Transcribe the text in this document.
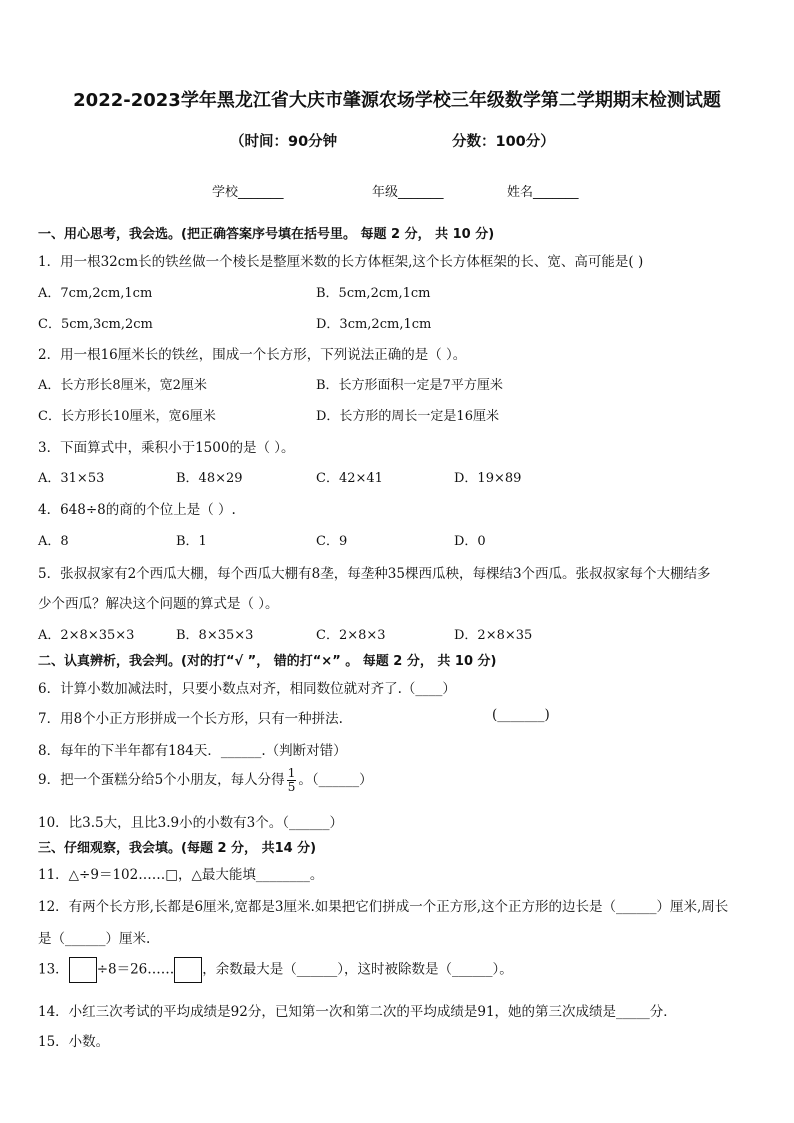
2022-2023学年黑龙江省大庆市肇源农场学校三年级数学第二学期期末检测试题
（时间：90分钟	分数：100分）
学校_______	年级_______	姓名_______
一、用心思考，我会选。(把正确答案序号填在括号里。 每题 2 分， 共 10 分)
1．用一根32cm长的铁丝做一个棱长是整厘米数的长方体框架,这个长方体框架的长、宽、高可能是( )
A．7cm,2cm,1cm	B．5cm,2cm,1cm
C．5cm,3cm,2cm	D．3cm,2cm,1cm
2．用一根16厘米长的铁丝，围成一个长方形，下列说法正确的是（ ）。
A．长方形长8厘米，宽2厘米	B．长方形面积一定是7平方厘米
C．长方形长10厘米，宽6厘米	D．长方形的周长一定是16厘米
3．下面算式中，乘积小于1500的是（ ）。
A．31×53	B．48×29	C．42×41	D．19×89
4．648÷8的商的个位上是（ ）.
A．8	B．1	C．9	D．0
5．张叔叔家有2个西瓜大棚，每个西瓜大棚有8垄，每垄种35棵西瓜秧，每棵结3个西瓜。张叔叔家每个大棚结多
少个西瓜？解决这个问题的算式是（ ）。
A．2×8×35×3	B．8×35×3	C．2×8×3	D．2×8×35
二、认真辨析，我会判。(对的打“√ ”， 错的打“×” 。 每题 2 分， 共 10 分)
6．计算小数加减法时，只要小数点对齐，相同数位就对齐了.（____）
7．用8个小正方形拼成一个长方形，只有一种拼法.	(_______)
8．每年的下半年都有184天．______.（判断对错）
9．把一个蛋糕分给5个小朋友，每人分得 $\frac{1}{5}$ 。（______）
10．比3.5大，且比3.9小的小数有3个。（______）
三、仔细观察，我会填。(每题 2 分， 共14 分)
11．△÷9＝102……□，△最大能填________。
12．有两个长方形,长都是6厘米,宽都是3厘米.如果把它们拼成一个正方形,这个正方形的边长是（______）厘米,周长
是（______）厘米.
13． ÷8＝26…… ，余数最大是（______），这时被除数是（______）。
14．小红三次考试的平均成绩是92分，已知第一次和第二次的平均成绩是91，她的第三次成绩是_____分．
15．小数。
